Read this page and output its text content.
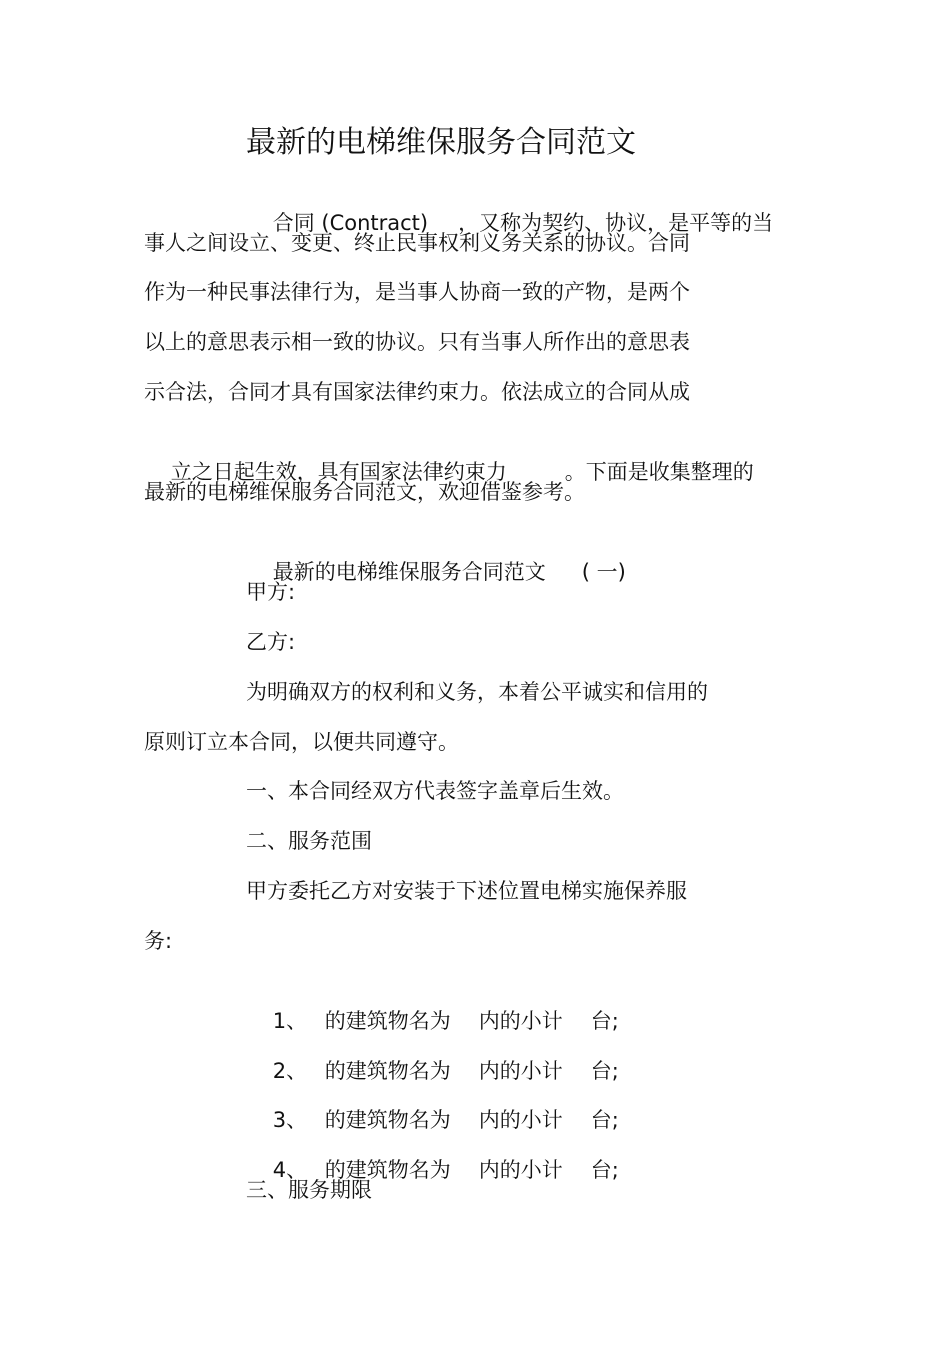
最新的电梯维保服务合同范文

合同 (Contract) ，又称为契约、协议，是平等的当

事人之间设立、变更、终止民事权利义务关系的协议。合同
作为一种民事法律行为，是当事人协商一致的产物，是两个
以上的意思表示相一致的协议。只有当事人所作出的意思表
示合法，合同才具有国家法律约束力。依法成立的合同从成

立之日起生效，具有国家法律约束力	。下面是收集整理的

最新的电梯维保服务合同范文，欢迎借鉴参考。

最新的电梯维保服务合同范文 ( 一)

甲方:
乙方:
为明确双方的权利和义务，本着公平诚实和信用的
原则订立本合同，以便共同遵守。
一、本合同经双方代表签字盖章后生效。
二、服务范围
甲方委托乙方对安装于下述位置电梯实施保养服
务:

1、 的建筑物名为 内的小计 台;

2、 的建筑物名为 内的小计 台;

3、 的建筑物名为 内的小计 台;

4、 的建筑物名为 内的小计 台;

三、服务期限
